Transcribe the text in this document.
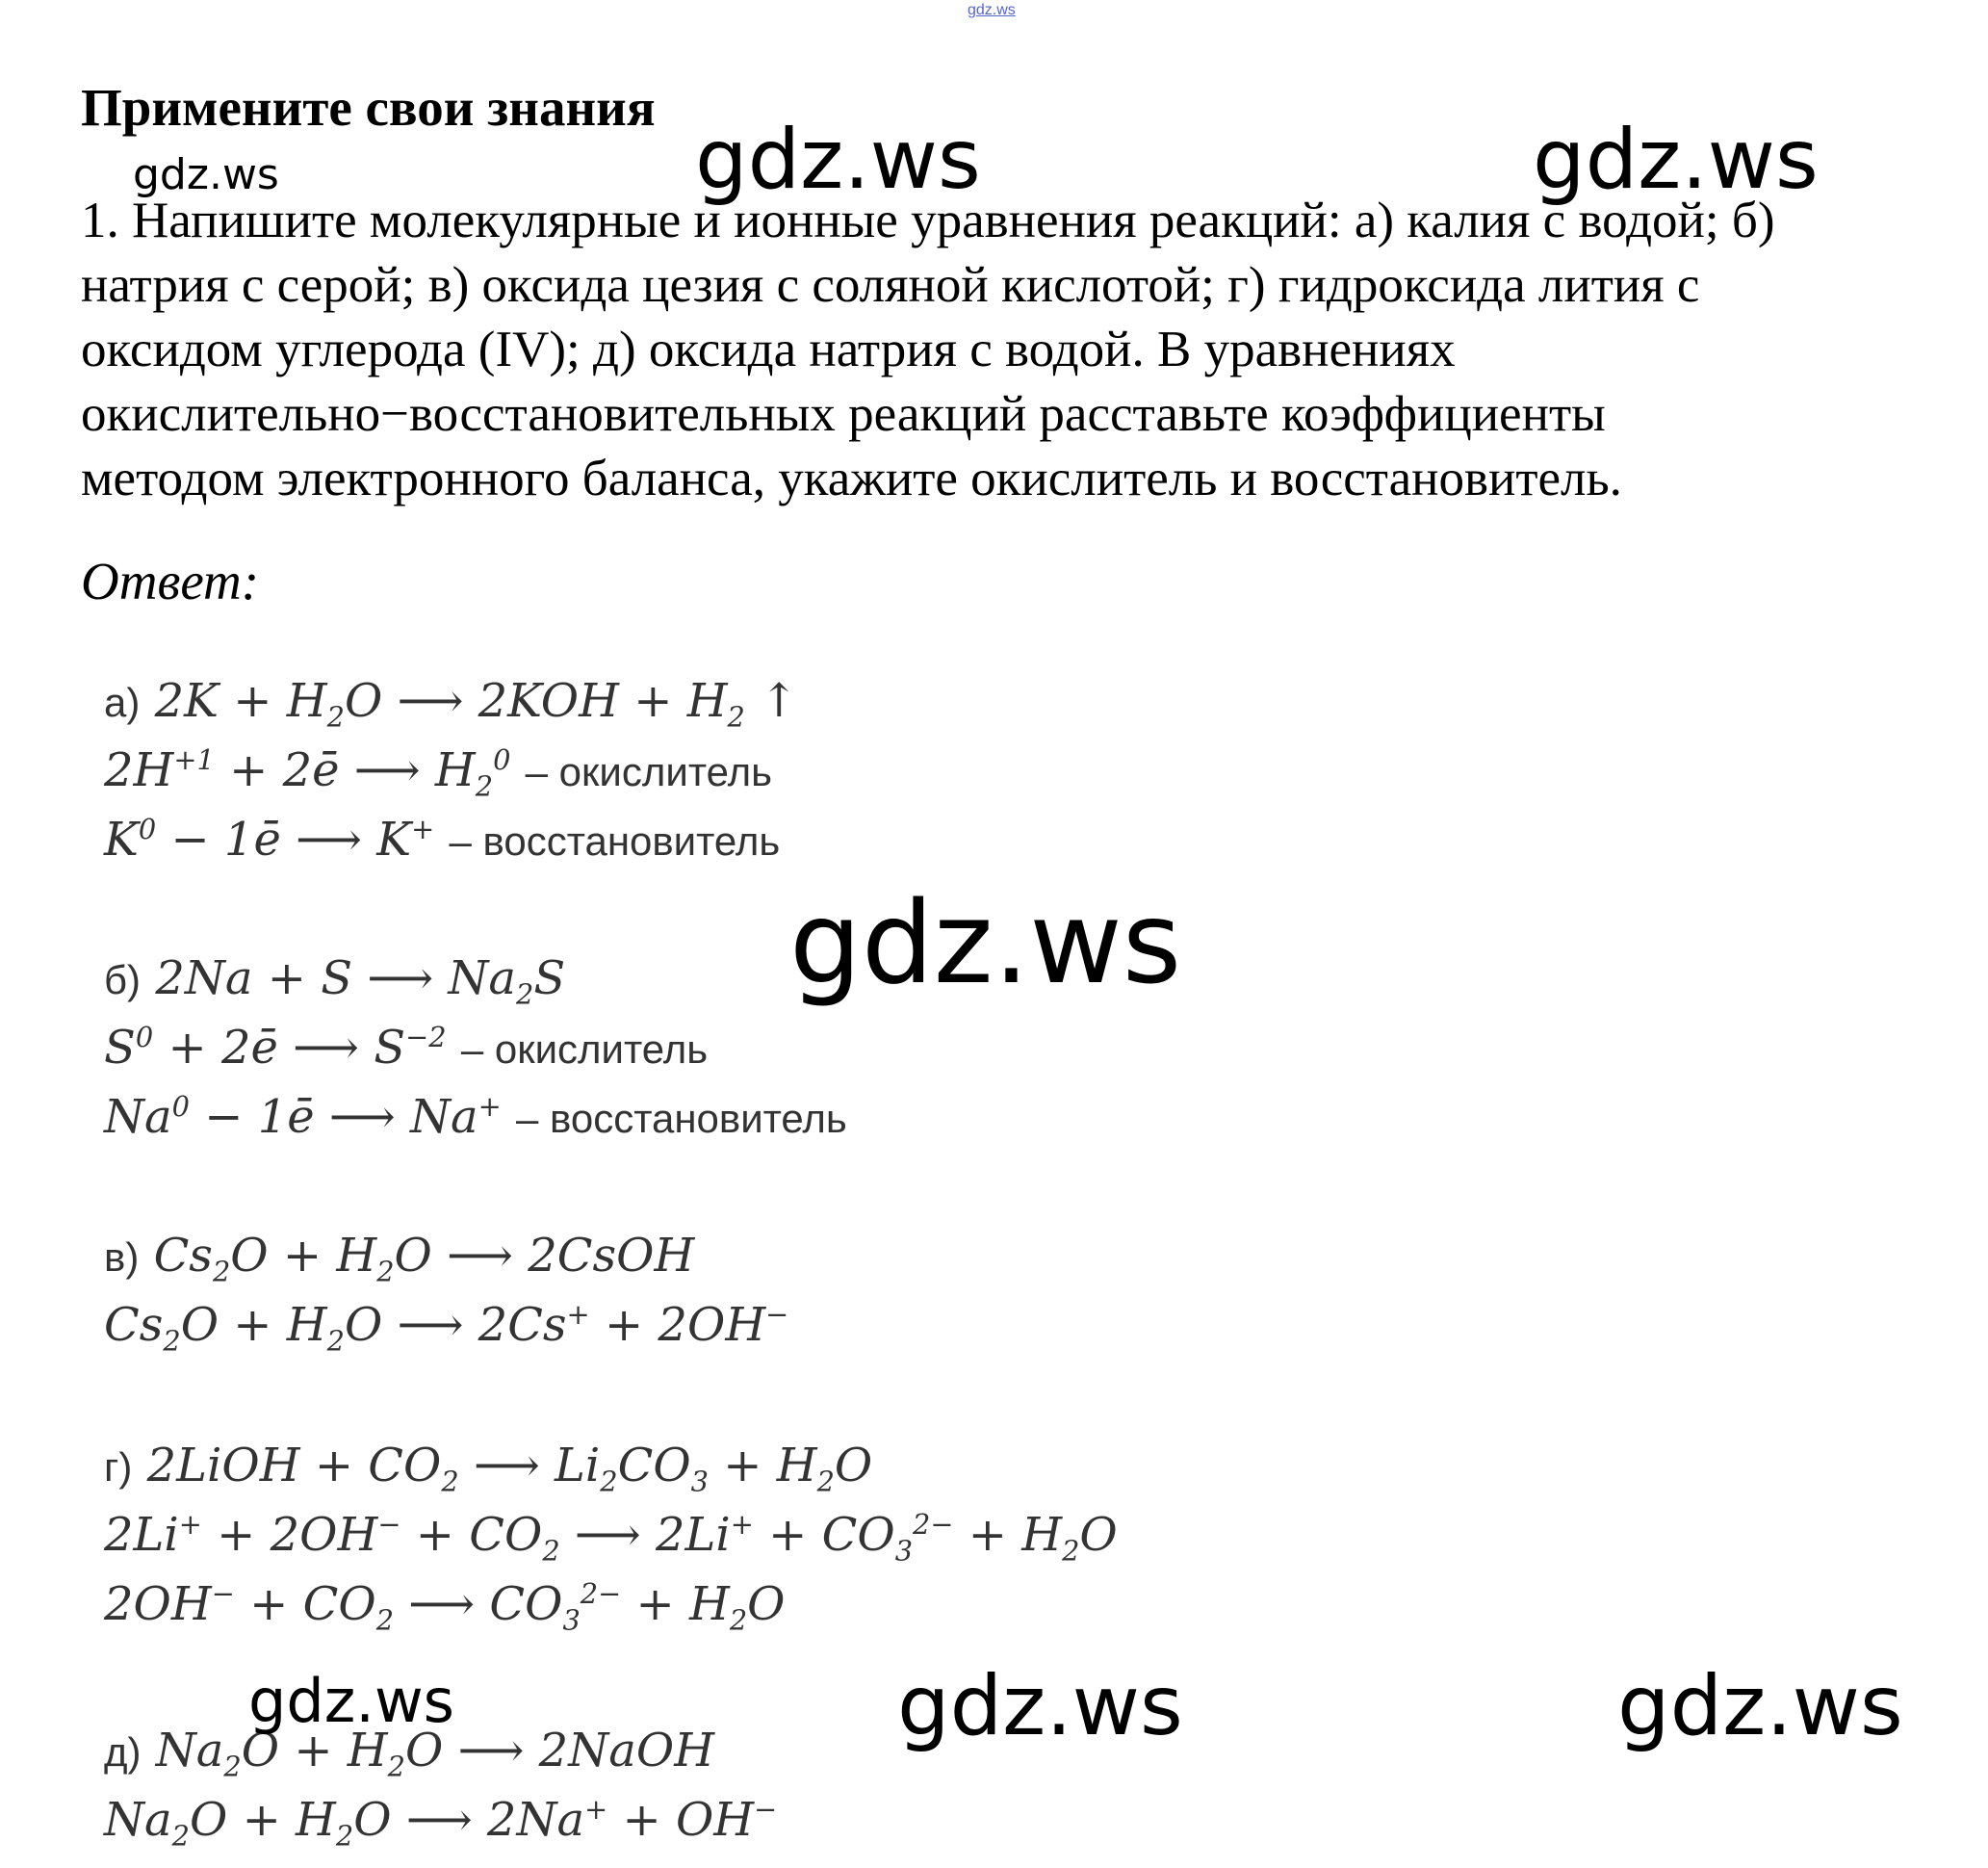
gdz.ws
Примените свои знания

1. Напишите молекулярные и ионные уравнения реакций: а) калия с водой; б)

натрия с серой; в) оксида цезия с соляной кислотой; г) гидроксида лития с

оксидом углерода (IV); д) оксида натрия с водой. В уравнениях

окислительно−восстановительных реакций расставьте коэффициенты

методом электронного баланса, укажите окислитель и восстановитель.

Ответ:
а) $2K + H_2O$ ⟶ $2KOH + H_2$ ↑
$2H^{+1}$ + 2ē ⟶ $H_2^0$ – окислитель
$K^0$ − 1ē ⟶ K+ – восстановитель
б) 2Na + S ⟶ $Na_2S$
$S^0$ + 2ē ⟶ $S^{-2}$ – окислитель
$Na^0$ − 1ē ⟶ Na+ – восстановитель
в) $Cs_2O + H_2O$ ⟶ 2CsOH
$Cs_2O + H_2O$ ⟶ 2Cs+ + 2OH−
г) 2LiOH + $CO_2$ ⟶ $Li_2CO_3 + H_2O$
$2Li^+ + 2OH^- + CO_2$ ⟶ $2Li^+ + CO_3^{2-} + H_2O$
$2OH^- + CO_2$ ⟶ $CO_3^{2-} + H_2O$
д) $Na_2O + H_2O$ ⟶ 2NaOH
$Na_2O + H_2O$ ⟶ 2Na+ + OH−
gdz.ws	gdz.ws	gdz.ws
gdz.ws
gdz.ws	gdz.ws	gdz.ws
